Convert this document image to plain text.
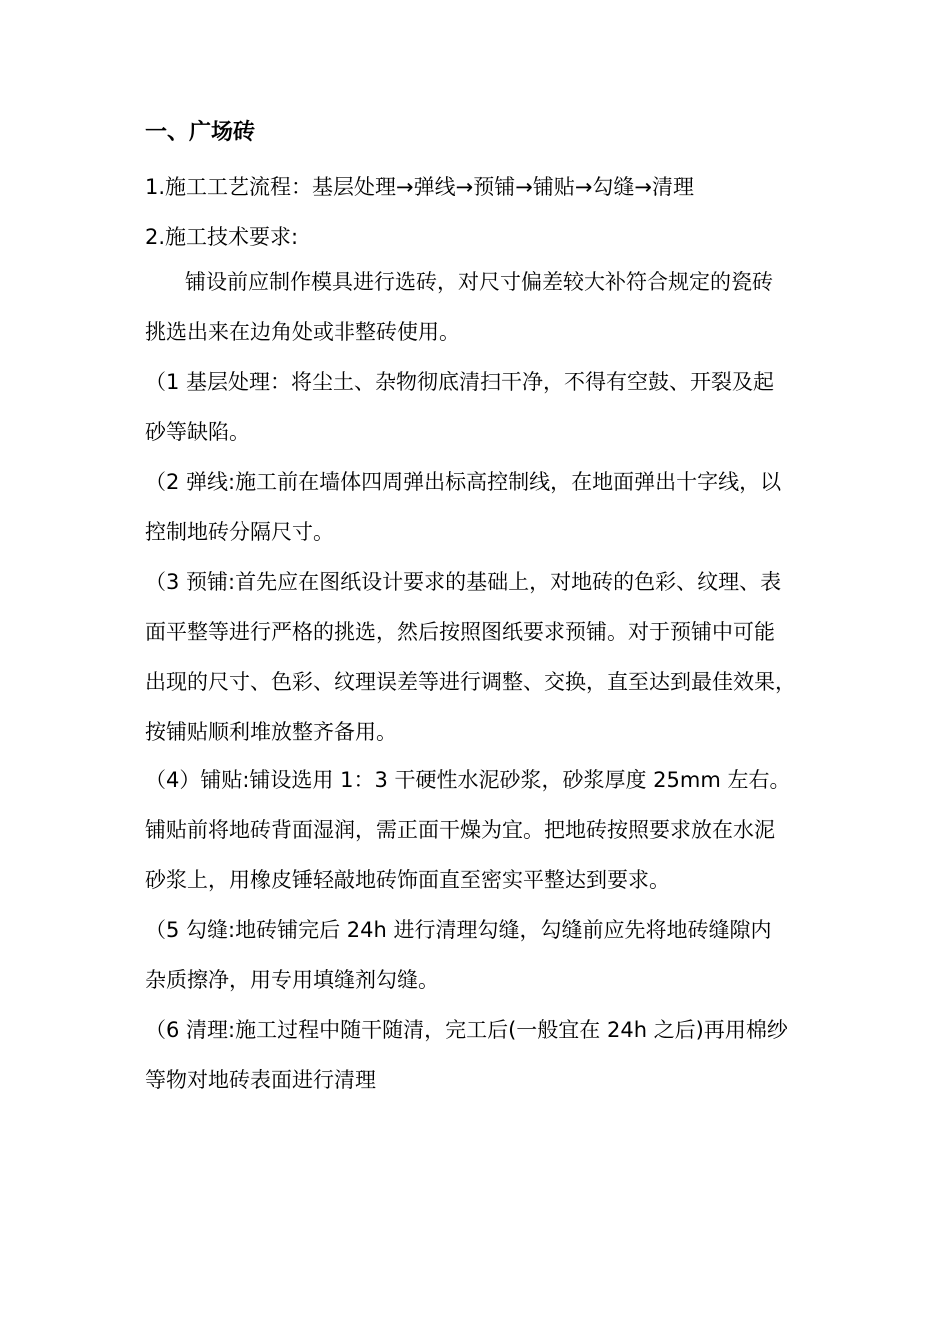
一、广场砖
1.施工工艺流程：基层处理→弹线→预铺→铺贴→勾缝→清理
2.施工技术要求:
铺设前应制作模具进行选砖，对尺寸偏差较大补符合规定的瓷砖
挑选出来在边角处或非整砖使用。
（1 基层处理：将尘土、杂物彻底清扫干净，不得有空鼓、开裂及起
砂等缺陷。
（2 弹线:施工前在墙体四周弹出标高控制线，在地面弹出十字线，以
控制地砖分隔尺寸。
（3 预铺:首先应在图纸设计要求的基础上，对地砖的色彩、纹理、表
面平整等进行严格的挑选，然后按照图纸要求预铺。对于预铺中可能
出现的尺寸、色彩、纹理误差等进行调整、交换，直至达到最佳效果，
按铺贴顺利堆放整齐备用。
（4）铺贴:铺设选用 1：3 干硬性水泥砂浆，砂浆厚度 25mm 左右。
铺贴前将地砖背面湿润，需正面干燥为宜。把地砖按照要求放在水泥
砂浆上，用橡皮锤轻敲地砖饰面直至密实平整达到要求。
（5 勾缝:地砖铺完后 24h 进行清理勾缝，勾缝前应先将地砖缝隙内
杂质擦净，用专用填缝剂勾缝。
（6 清理:施工过程中随干随清，完工后(一般宜在 24h 之后)再用棉纱
等物对地砖表面进行清理
